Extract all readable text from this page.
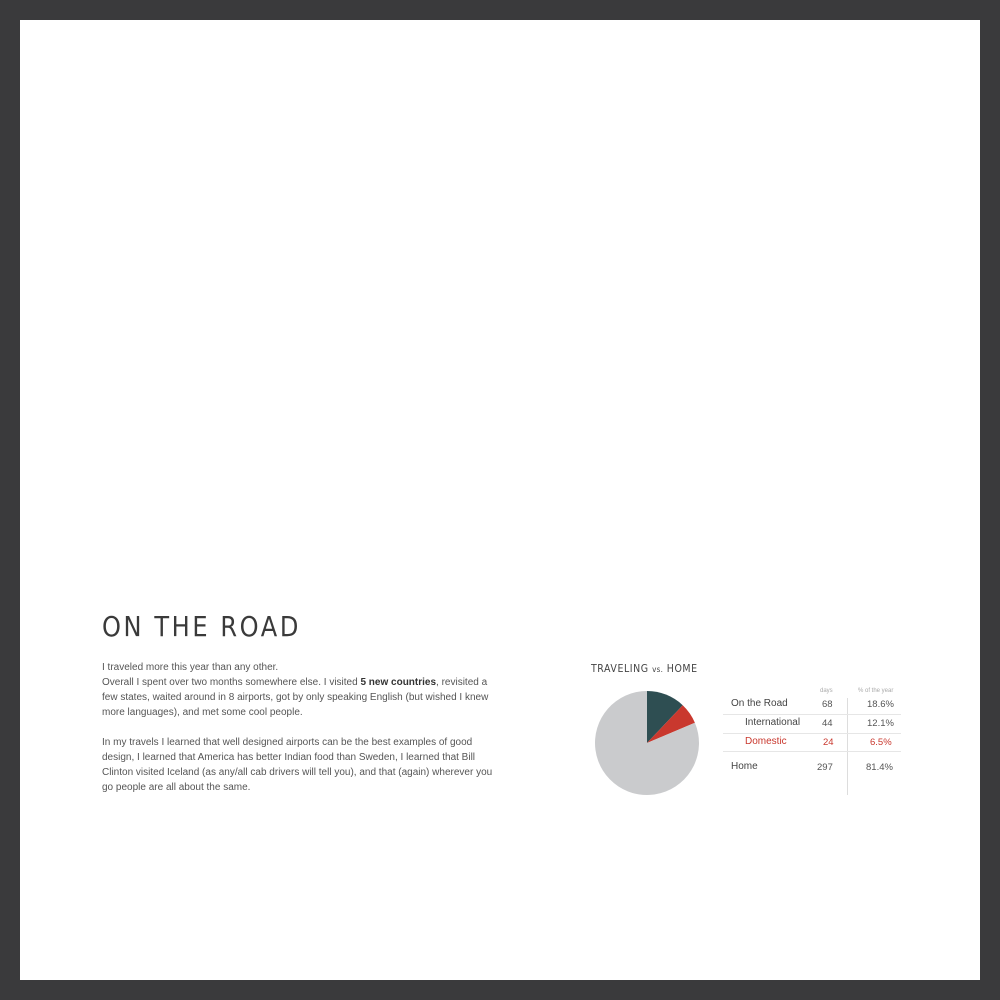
ON THE ROAD

I traveled more this year than any other.
Overall I spent over two months somewhere else. I visited 5 new countries, revisited a few states, waited around in 8 airports, got by only speaking English (but wished I knew more languages), and met some cool people.

In my travels I learned that well designed airports can be the best examples of good design, I learned that America has better Indian food than Sweden, I learned that Bill Clinton visited Iceland (as any/all cab drivers will tell you), and that (again) wherever you go people are all about the same.

TRAVELING vs. HOME
days	% of the year
On the Road	68	18.6%
International 44	12.1%
Domestic	24	6.5%
Home	297	81.4%
